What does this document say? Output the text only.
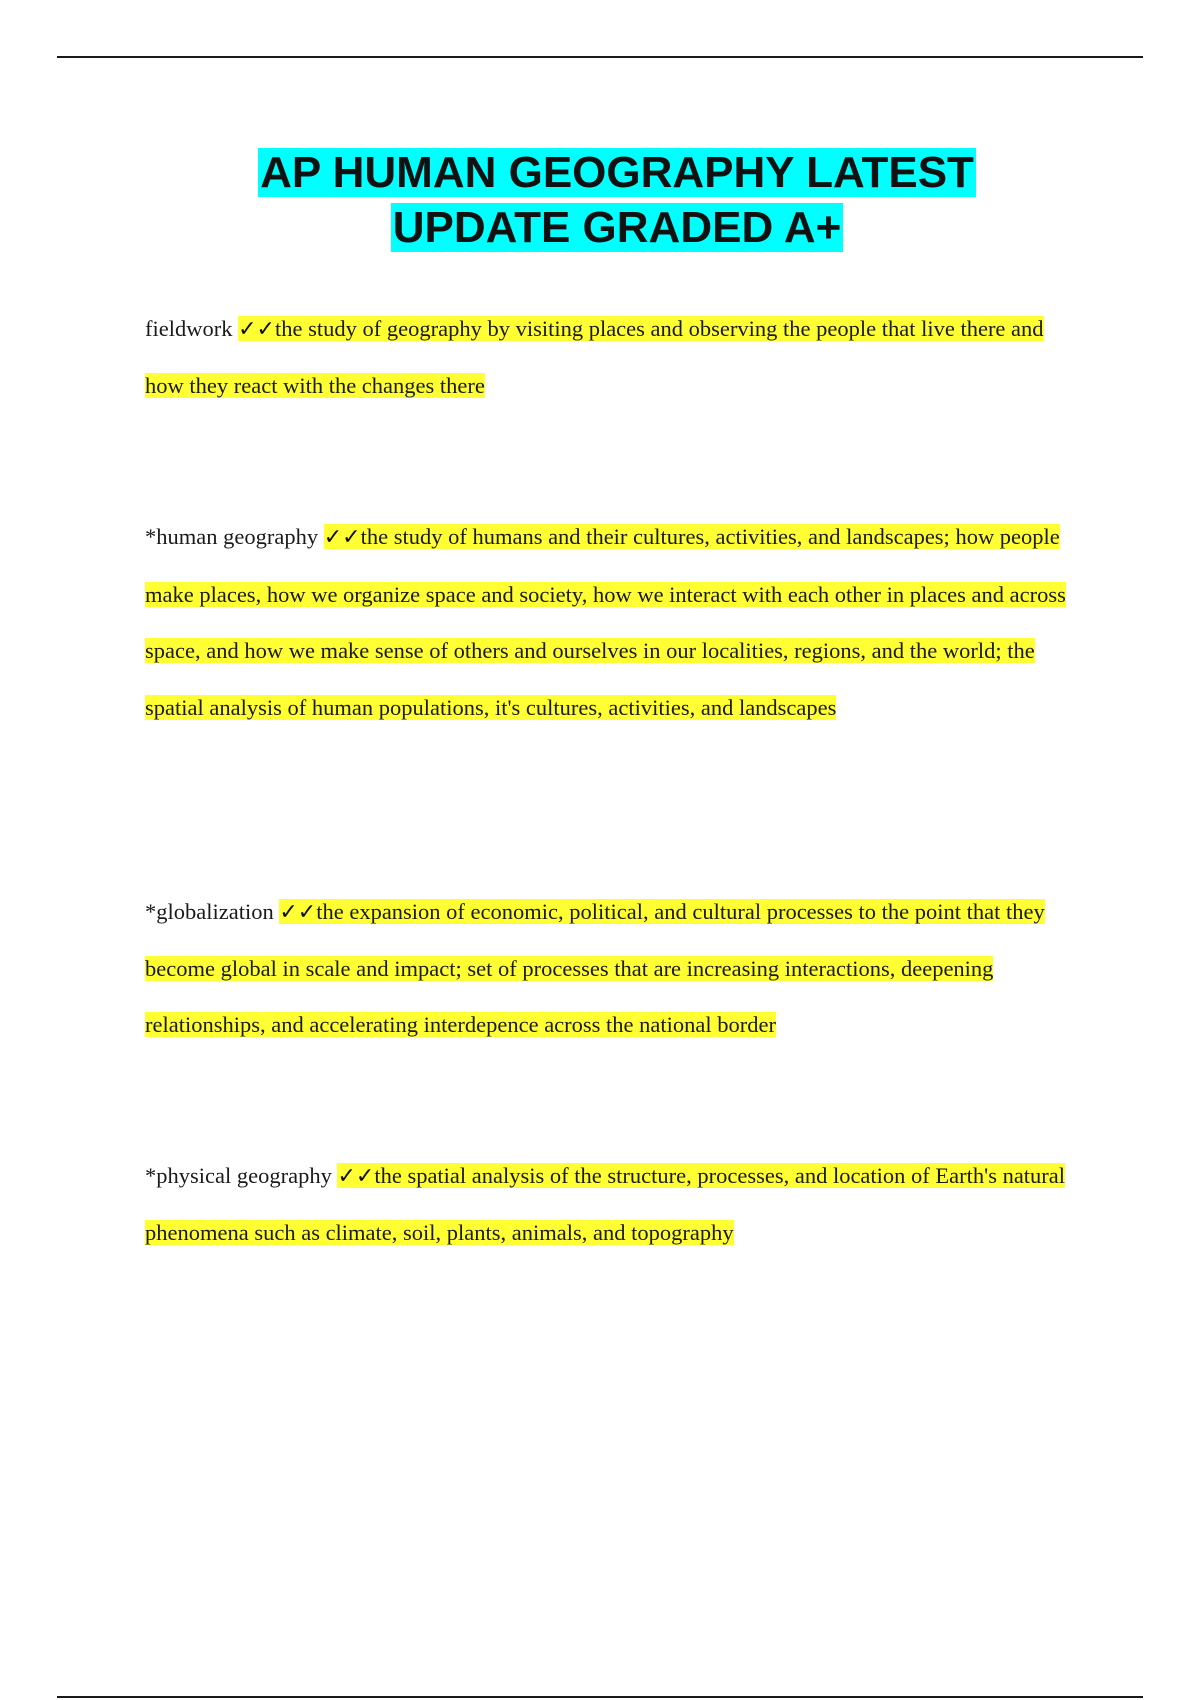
AP HUMAN GEOGRAPHY LATEST
UPDATE GRADED A+

fieldwork ✓✓the study of geography by visiting places and observing the people that live there and how they react with the changes there

*human geography ✓✓the study of humans and their cultures, activities, and landscapes; how people make places, how we organize space and society, how we interact with each other in places and across space, and how we make sense of others and ourselves in our localities, regions, and the world; the spatial analysis of human populations, it's cultures, activities, and landscapes

*globalization ✓✓the expansion of economic, political, and cultural processes to the point that they become global in scale and impact; set of processes that are increasing interactions, deepening relationships, and accelerating interdepence across the national border

*physical geography ✓✓the spatial analysis of the structure, processes, and location of Earth's natural phenomena such as climate, soil, plants, animals, and topography
